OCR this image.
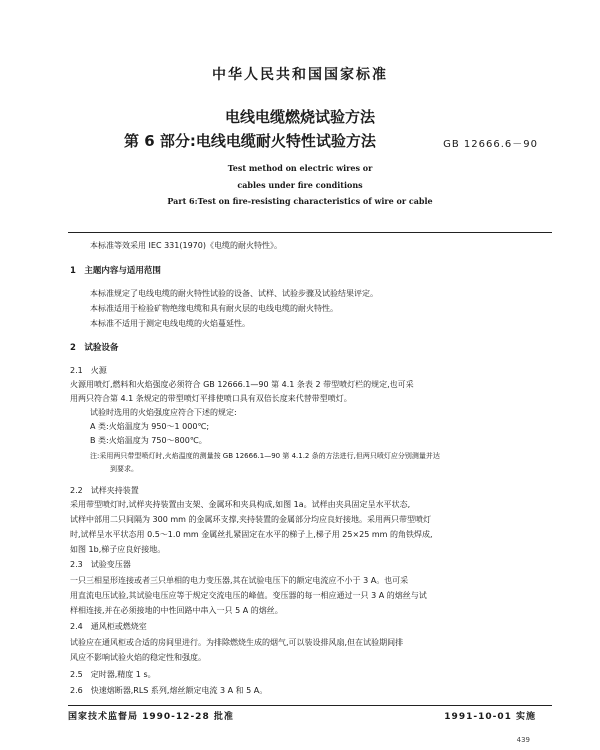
中华人民共和国国家标准
电线电缆燃烧试验方法
第 6 部分:电线电缆耐火特性试验方法	GB 12666.6－90
Test method on electric wires or
cables under fire conditions
Part 6:Test on fire-resisting characteristics of wire or cable
本标准等效采用 IEC 331(1970)《电缆的耐火特性》。
1　主题内容与适用范围
本标准规定了电线电缆的耐火特性试验的设备、试样、试验步骤及试验结果评定。
本标准适用于检验矿物绝缘电缆和具有耐火层的电线电缆的耐火特性。
本标准不适用于测定电线电缆的火焰蔓延性。
2　试验设备
2.1　火源
火源用喷灯,燃料和火焰强度必须符合 GB 12666.1—90 第 4.1 条表 2 带型喷灯栏的规定,也可采
用两只符合第 4.1 条规定的带型喷灯平排使喷口具有双倍长度来代替带型喷灯。
试验时选用的火焰强度应符合下述的规定:
A 类:火焰温度为 950～1 000℃;
B 类:火焰温度为 750～800℃。
注:采用两只带型喷灯时,火焰温度的测量按 GB 12666.1—90 第 4.1.2 条的方法进行,但两只喷灯应分别测量并达
到要求。
2.2　试样夹持装置
采用带型喷灯时,试样夹持装置由支架、金属环和夹具构成,如图 1a。试样由夹具固定呈水平状态,
试样中部用二只间隔为 300 mm 的金属环支撑,夹持装置的金属部分均应良好接地。采用两只带型喷灯
时,试样呈水平状态用 0.5～1.0 mm 金属丝扎紧固定在水平的梯子上,梯子用 25×25 mm 的角铁焊成,
如图 1b,梯子应良好接地。
2.3　试验变压器
一只三相星形连接或者三只单相的电力变压器,其在试验电压下的额定电流应不小于 3 A。也可采
用直流电压试验,其试验电压应等于规定交流电压的峰值。变压器的每一相应通过一只 3 A 的熔丝与试
样相连接,并在必须接地的中性回路中串入一只 5 A 的熔丝。
2.4　通风柜或燃烧室
试验应在通风柜或合适的房间里进行。为排除燃烧生成的烟气,可以装设排风扇,但在试验期间排
风应不影响试验火焰的稳定性和强度。
2.5　定时器,精度 1 s。
2.6　快速熔断器,RLS 系列,熔丝额定电流 3 A 和 5 A。
国家技术监督局 1990-12-28 批准	1991-10-01 实施
439
